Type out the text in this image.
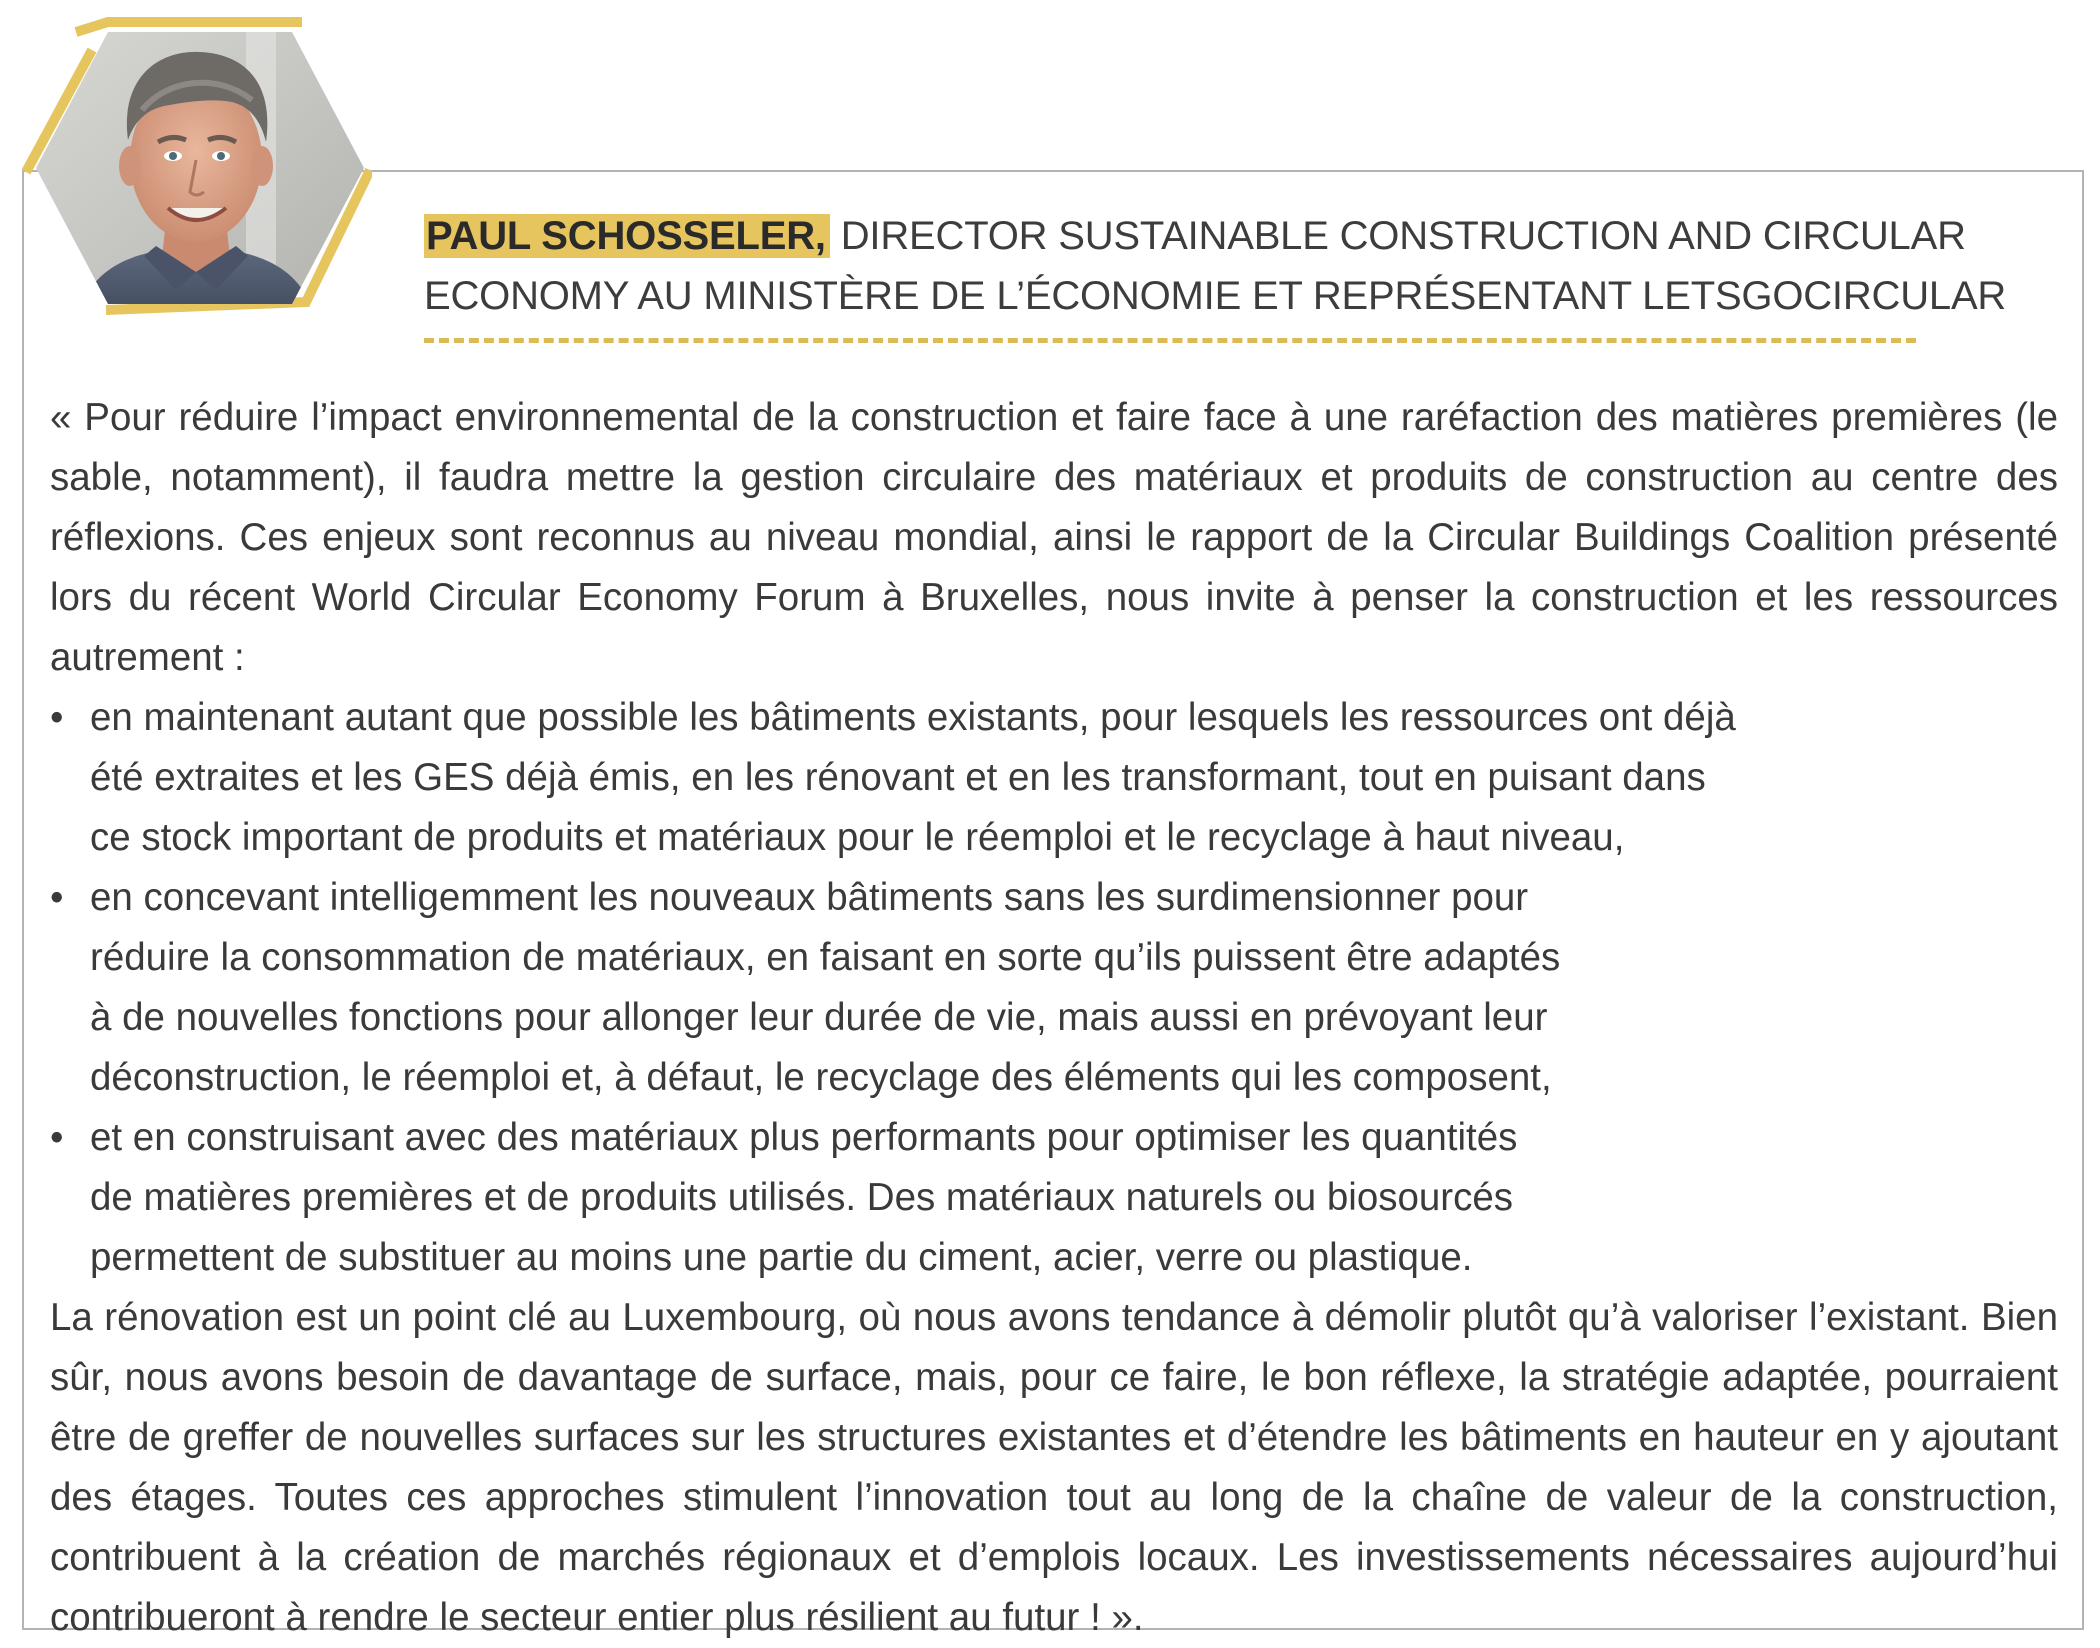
PAUL SCHOSSELER, DIRECTOR SUSTAINABLE CONSTRUCTION AND CIRCULAR
ECONOMY AU MINISTÈRE DE L’ÉCONOMIE ET REPRÉSENTANT LETSGOCIRCULAR

« Pour réduire l’impact environnemental de la construction et faire face à une raréfaction des matières premières (le sable, notamment), il faudra mettre la gestion circulaire des matériaux et produits de construction au centre des réflexions. Ces enjeux sont reconnus au niveau mondial, ainsi le rapport de la Circular Buildings Coalition présenté lors du récent World Circular Economy Forum à Bruxelles, nous invite à penser la construction et les ressources autrement :

• en maintenant autant que possible les bâtiments existants, pour lesquels les ressources ont déjà
été extraites et les GES déjà émis, en les rénovant et en les transformant, tout en puisant dans
ce stock important de produits et matériaux pour le réemploi et le recyclage à haut niveau,
• en concevant intelligemment les nouveaux bâtiments sans les surdimensionner pour
réduire la consommation de matériaux, en faisant en sorte qu’ils puissent être adaptés
à de nouvelles fonctions pour allonger leur durée de vie, mais aussi en prévoyant leur
déconstruction, le réemploi et, à défaut, le recyclage des éléments qui les composent,
• et en construisant avec des matériaux plus performants pour optimiser les quantités
de matières premières et de produits utilisés. Des matériaux naturels ou biosourcés
permettent de substituer au moins une partie du ciment, acier, verre ou plastique.

La rénovation est un point clé au Luxembourg, où nous avons tendance à démolir plutôt qu’à valoriser l’existant. Bien sûr, nous avons besoin de davantage de surface, mais, pour ce faire, le bon réflexe, la stratégie adaptée, pourraient être de greffer de nouvelles surfaces sur les structures existantes et d’étendre les bâtiments en hauteur en y ajoutant des étages. Toutes ces approches stimulent l’innovation tout au long de la chaîne de valeur de la construction, contribuent à la création de marchés régionaux et d’emplois locaux. Les investissements nécessaires aujourd’hui contribueront à rendre le secteur entier plus résilient au futur ! ».
